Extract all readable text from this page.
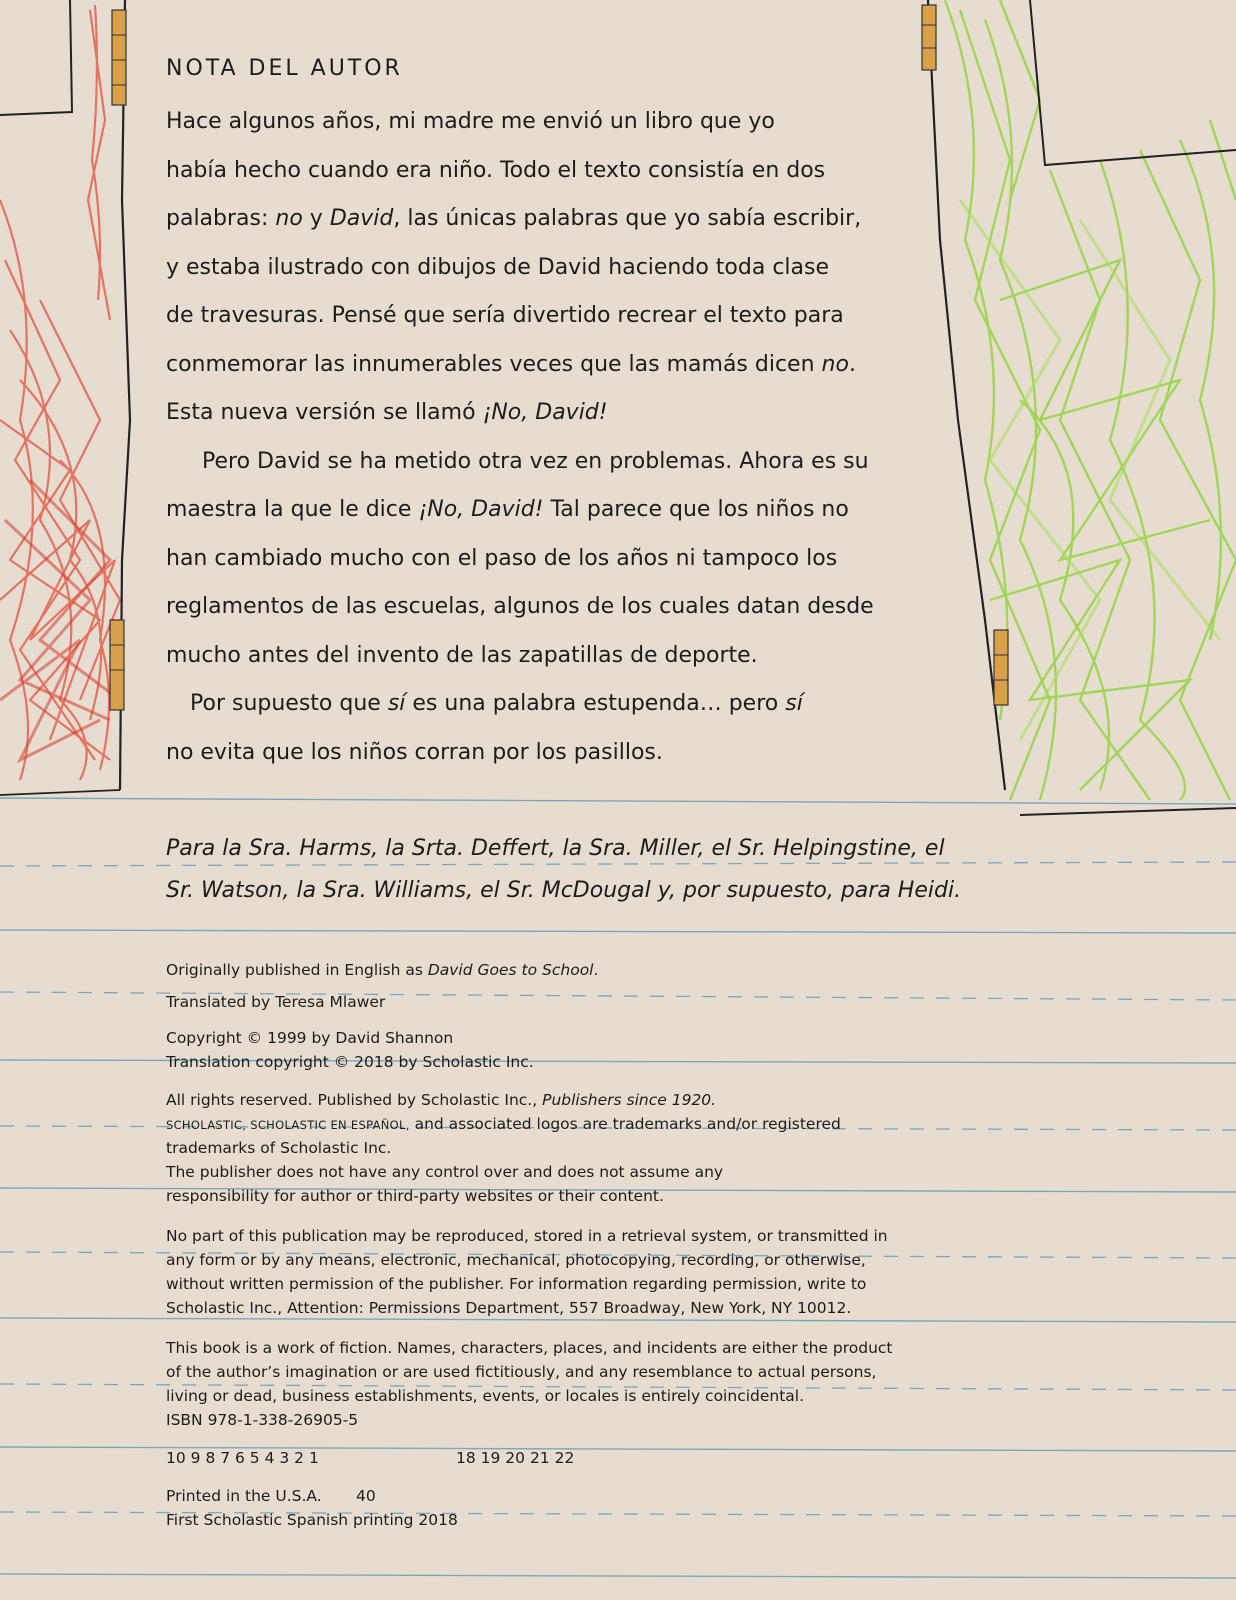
NOTA DEL AUTOR

Hace algunos años, mi madre me envió un libro que yo

había hecho cuando era niño. Todo el texto consistía en dos

palabras: no y David, las únicas palabras que yo sabía escribir,

y estaba ilustrado con dibujos de David haciendo toda clase

de travesuras. Pensé que sería divertido recrear el texto para

conmemorar las innumerables veces que las mamás dicen no.

Esta nueva versión se llamó ¡No, David!

Pero David se ha metido otra vez en problemas. Ahora es su

maestra la que le dice ¡No, David! Tal parece que los niños no

han cambiado mucho con el paso de los años ni tampoco los

reglamentos de las escuelas, algunos de los cuales datan desde

mucho antes del invento de las zapatillas de deporte.

Por supuesto que sí es una palabra estupenda… pero sí

no evita que los niños corran por los pasillos.

Para la Sra. Harms, la Srta. Deffert, la Sra. Miller, el Sr. Helpingstine, el
Sr. Watson, la Sra. Williams, el Sr. McDougal y, por supuesto, para Heidi.
Originally published in English as David Goes to School.
Translated by Teresa Mlawer
Copyright © 1999 by David Shannon
Translation copyright © 2018 by Scholastic Inc.
All rights reserved. Published by Scholastic Inc., Publishers since 1920.
SCHOLASTIC, SCHOLASTIC EN ESPAÑOL, and associated logos are trademarks and/or registered
trademarks of Scholastic Inc.
The publisher does not have any control over and does not assume any
responsibility for author or third-party websites or their content.
No part of this publication may be reproduced, stored in a retrieval system, or transmitted in
any form or by any means, electronic, mechanical, photocopying, recording, or otherwise,
without written permission of the publisher. For information regarding permission, write to
Scholastic Inc., Attention: Permissions Department, 557 Broadway, New York, NY 10012.
This book is a work of fiction. Names, characters, places, and incidents are either the product
of the author’s imagination or are used fictitiously, and any resemblance to actual persons,
living or dead, business establishments, events, or locales is entirely coincidental.
ISBN 978-1-338-26905-5
10 9 8 7 6 5 4 3 2 1	18 19 20 21 22
Printed in the U.S.A. 40
First Scholastic Spanish printing 2018
